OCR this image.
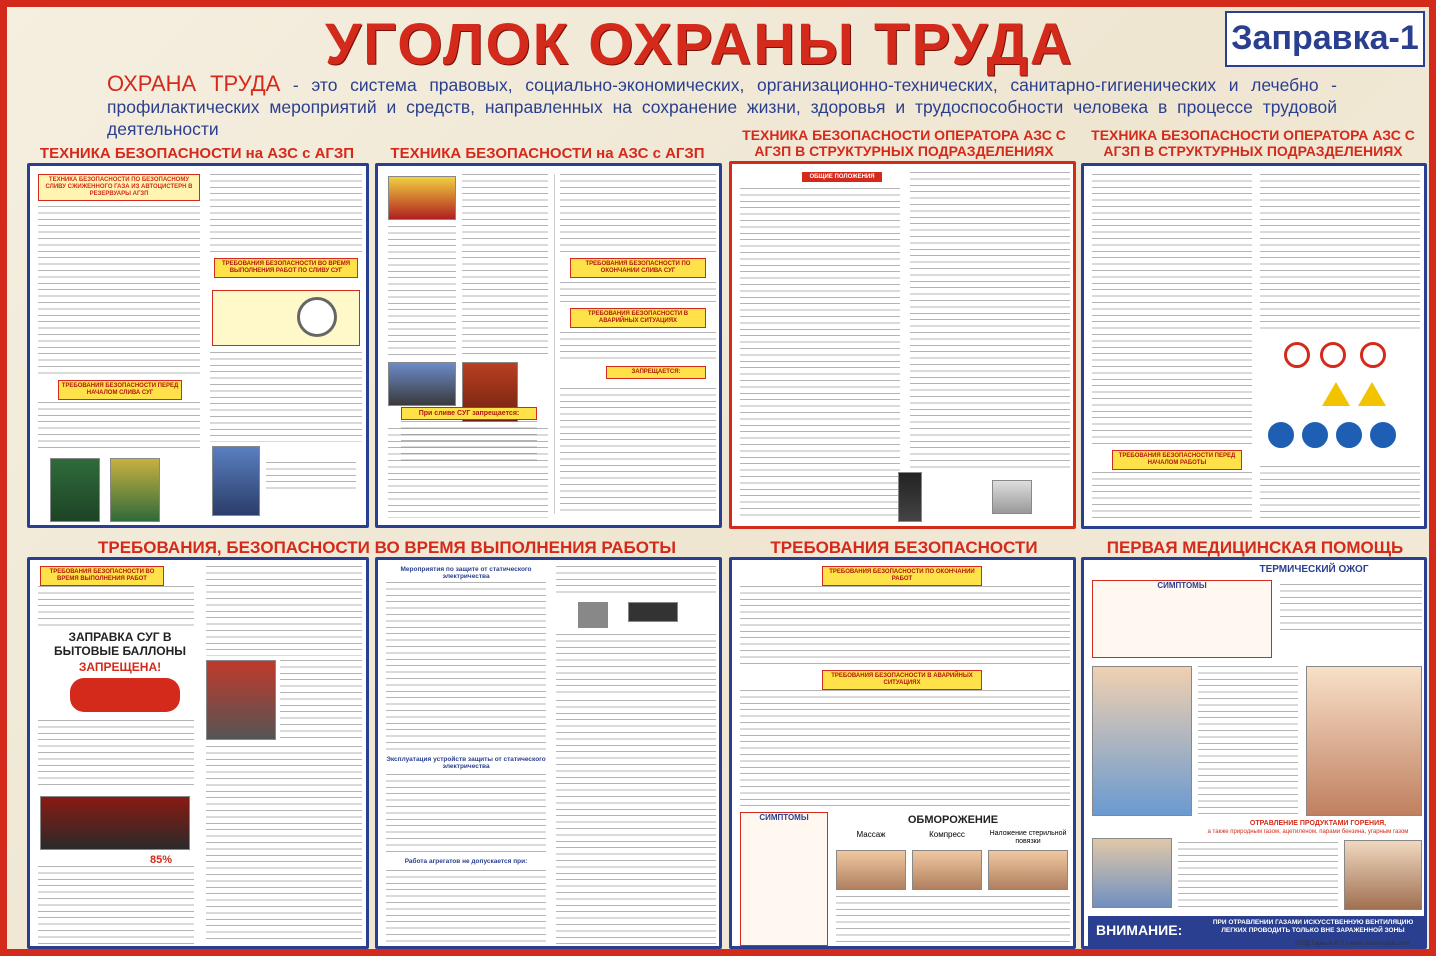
УГОЛОК ОХРАНЫ ТРУДА	Заправка-1
ОХРАНА ТРУДА - это система правовых, социально-экономических, организационно-технических, санитарно-гигиенических и лечебно - профилактических мероприятий и средств, направленных на сохранение жизни, здоровья и трудоспособности человека в процессе трудовой деятельности
ТЕХНИКА БЕЗОПАСНОСТИ на АЗС с АГЗП	ТЕХНИКА БЕЗОПАСНОСТИ на АЗС с АГЗП
ТЕХНИКА БЕЗОПАСНОСТИ ОПЕРАТОРА АЗС С АГЗП В СТРУКТУРНЫХ ПОДРАЗДЕЛЕНИЯХ
ТЕХНИКА БЕЗОПАСНОСТИ ОПЕРАТОРА АЗС С АГЗП В СТРУКТУРНЫХ ПОДРАЗДЕЛЕНИЯХ
ТЕХНИКА БЕЗОПАСНОСТИ ПО БЕЗОПАСНОМУ СЛИВУ СЖИЖЕННОГО ГАЗА ИЗ АВТОЦИСТЕРН В РЕЗЕРВУАРЫ АГЗП
ТРЕБОВАНИЯ БЕЗОПАСНОСТИ ПЕРЕД НАЧАЛОМ СЛИВА СУГ
ТРЕБОВАНИЯ БЕЗОПАСНОСТИ ВО ВРЕМЯ ВЫПОЛНЕНИЯ РАБОТ ПО СЛИВУ СУГ
ТРЕБОВАНИЯ БЕЗОПАСНОСТИ ПО ОКОНЧАНИИ СЛИВА СУГ
ТРЕБОВАНИЯ БЕЗОПАСНОСТИ В АВАРИЙНЫХ СИТУАЦИЯХ
ЗАПРЕЩАЕТСЯ:
При сливе СУГ запрещается:
ОБЩИЕ ПОЛОЖЕНИЯ
ТРЕБОВАНИЯ БЕЗОПАСНОСТИ ПЕРЕД НАЧАЛОМ РАБОТЫ
ТРЕБОВАНИЯ, БЕЗОПАСНОСТИ ВО ВРЕМЯ ВЫПОЛНЕНИЯ РАБОТЫ	ТРЕБОВАНИЯ БЕЗОПАСНОСТИ	ПЕРВАЯ МЕДИЦИНСКАЯ ПОМОЩЬ
ТРЕБОВАНИЯ БЕЗОПАСНОСТИ ВО ВРЕМЯ ВЫПОЛНЕНИЯ РАБОТ
ЗАПРАВКА СУГ В БЫТОВЫЕ БАЛЛОНЫ
ЗАПРЕЩЕНА!
85%
Мероприятия по защите от статического электричества
Эксплуатация устройств защиты от статического электричества
Работа агрегатов не допускается при:
ТРЕБОВАНИЯ БЕЗОПАСНОСТИ ПО ОКОНЧАНИИ РАБОТ
ТРЕБОВАНИЯ БЕЗОПАСНОСТИ В АВАРИЙНЫХ СИТУАЦИЯХ
СИМПТОМЫ	ОБМОРОЖЕНИЕ
Массаж	Компресс	Наложение стерильной повязки
ТЕРМИЧЕСКИЙ ОЖОГ
СИМПТОМЫ
ОТРАВЛЕНИЕ ПРОДУКТАМИ ГОРЕНИЯ,
а также природным газом, ацетиленом, парами бензина, угарным газом
ВНИМАНИЕ:	ПРИ ОТРАВЛЕНИИ ГАЗАМИ ИСКУССТВЕННУЮ ВЕНТИЛЯЦИЮ ЛЕГКИХ ПРОВОДИТЬ ТОЛЬКО ВНЕ ЗАРАЖЕННОЙ ЗОНЫ
(СПД Гарный И.П.) www.osnova-plus.com
